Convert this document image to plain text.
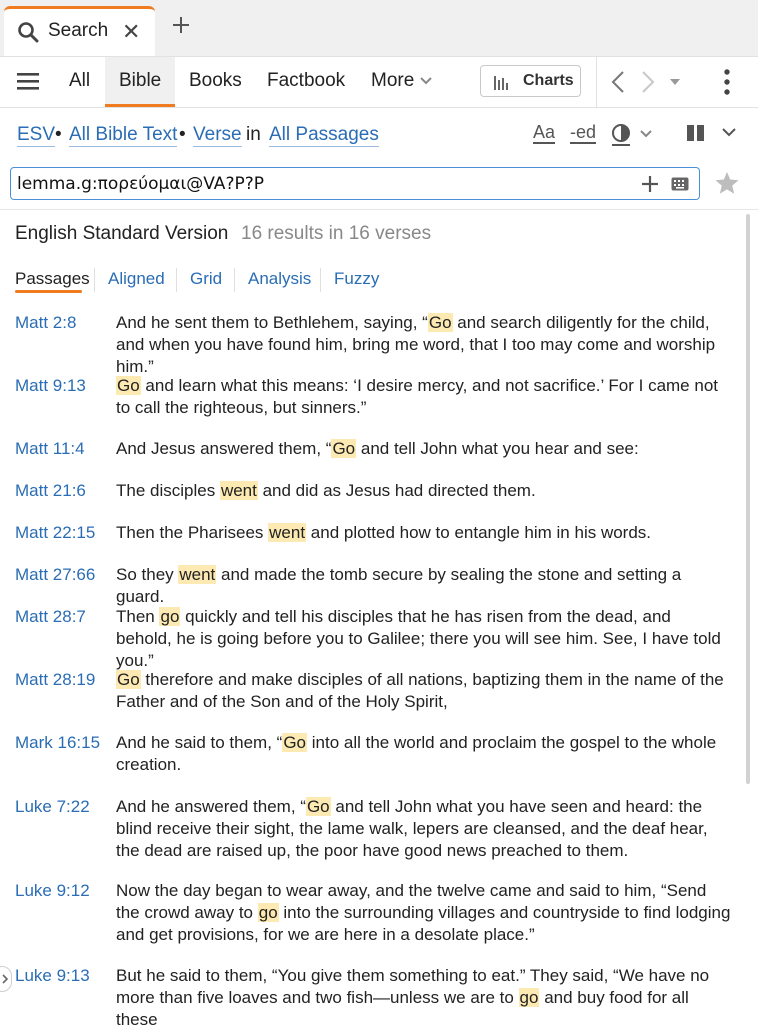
Search ✕
All Bible Books Factbook More	Charts
ESV • All Bible Text • Verse in All Passages	Aa -ed
lemma.g:πορεύομαι@VA?P?P
English Standard Version 16 results in 16 verses
Passages Aligned Grid Analysis Fuzzy
Matt 2:8 And he sent them to Bethlehem, saying, “Go and search diligently for the child, and when you have found him, bring me word, that I too may come and worship him.”
Matt 9:13 Go and learn what this means: ‘I desire mercy, and not sacrifice.’ For I came not to call the righteous, but sinners.”
Matt 11:4 And Jesus answered them, “Go and tell John what you hear and see:
Matt 21:6 The disciples went and did as Jesus had directed them.
Matt 22:15 Then the Pharisees went and plotted how to entangle him in his words.
Matt 27:66 So they went and made the tomb secure by sealing the stone and setting a guard.
Matt 28:7 Then go quickly and tell his disciples that he has risen from the dead, and behold, he is going before you to Galilee; there you will see him. See, I have told you.”
Matt 28:19 Go therefore and make disciples of all nations, baptizing them in the name of the Father and of the Son and of the Holy Spirit,
Mark 16:15 And he said to them, “Go into all the world and proclaim the gospel to the whole creation.
Luke 7:22 And he answered them, “Go and tell John what you have seen and heard: the blind receive their sight, the lame walk, lepers are cleansed, and the deaf hear, the dead are raised up, the poor have good news preached to them.
Luke 9:12 Now the day began to wear away, and the twelve came and said to him, “Send the crowd away to go into the surrounding villages and countryside to find lodging and get provisions, for we are here in a desolate place.”
Luke 9:13 But he said to them, “You give them something to eat.” They said, “We have no more than five loaves and two fish—unless we are to go and buy food for all these
